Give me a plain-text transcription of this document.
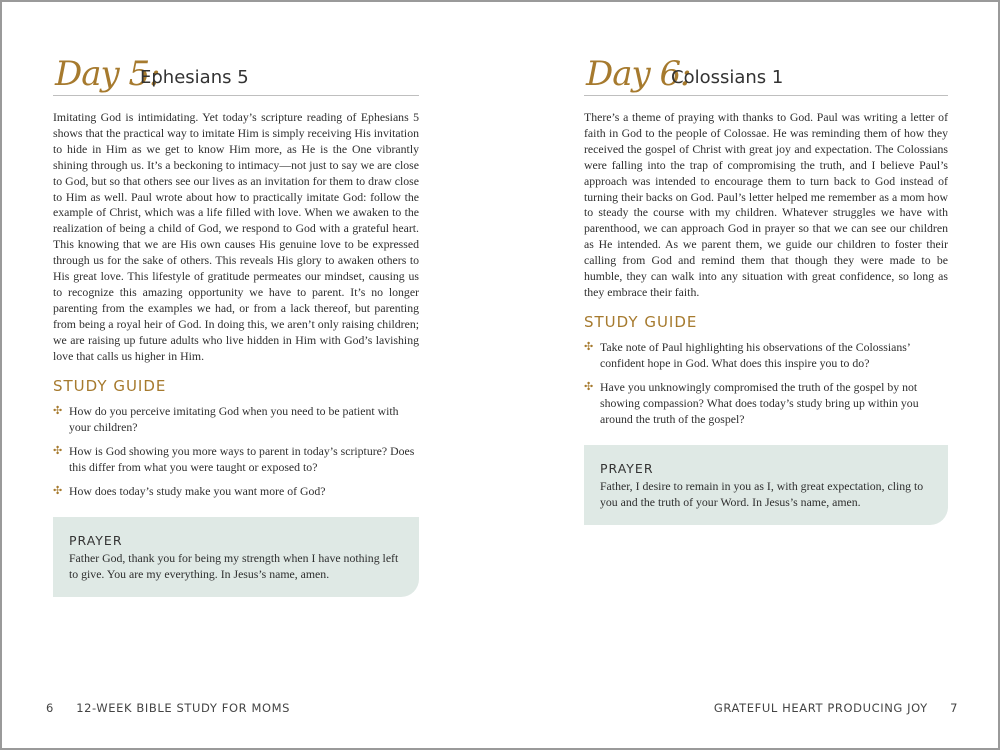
Day 5:
Ephesians 5

Imitating God is intimidating. Yet today’s scripture reading of Ephesians 5 shows that the practical way to imitate Him is simply receiving His invitation to hide in Him as we get to know Him more, as He is the One vibrantly shining through us. It’s a beckoning to intimacy—not just to say we are close to God, but so that others see our lives as an invitation for them to draw close to Him as well. Paul wrote about how to practically imitate God: follow the example of Christ, which was a life filled with love. When we awaken to the realization of being a child of God, we respond to God with a grateful heart. This knowing that we are His own causes His genuine love to be expressed through us for the sake of others. This reveals His glory to awaken others to His great love. This lifestyle of gratitude permeates our mindset, causing us to recognize this amazing opportunity we have to parent. It’s no longer parenting from the examples we had, or from a lack thereof, but parenting from being a royal heir of God. In doing this, we aren’t only raising children; we are raising up future adults who live hidden in Him with God’s lavishing love that calls us higher in Him.

STUDY GUIDE
✣ How do you perceive imitating God when you need to be patient with your children?
✣ How is God showing you more ways to parent in today’s scripture? Does this differ from what you were taught or exposed to?
✣ How does today’s study make you want more of God?
PRAYER
Father God, thank you for being my strength when I have nothing left to give. You are my everything. In Jesus’s name, amen.
6 12-WEEK BIBLE STUDY FOR MOMS
Day 6:
Colossians 1

There’s a theme of praying with thanks to God. Paul was writing a letter of faith in God to the people of Colossae. He was reminding them of how they received the gospel of Christ with great joy and expectation. The Colossians were falling into the trap of compromising the truth, and I believe Paul’s approach was intended to encourage them to turn back to God instead of turning their backs on God. Paul’s letter helped me remember as a mom how to steady the course with my children. Whatever struggles we have with parenthood, we can approach God in prayer so that we can see our children as He intended. As we parent them, we guide our children to foster their calling from God and remind them that though they were made to be humble, they can walk into any situation with great confidence, so long as they embrace their faith.

STUDY GUIDE
✣ Take note of Paul highlighting his observations of the Colossians’ confident hope in God. What does this inspire you to do?
✣ Have you unknowingly compromised the truth of the gospel by not showing compassion? What does today’s study bring up within you around the truth of the gospel?
PRAYER
Father, I desire to remain in you as I, with great expectation, cling to you and the truth of your Word. In Jesus’s name, amen.
GRATEFUL HEART PRODUCING JOY 7
